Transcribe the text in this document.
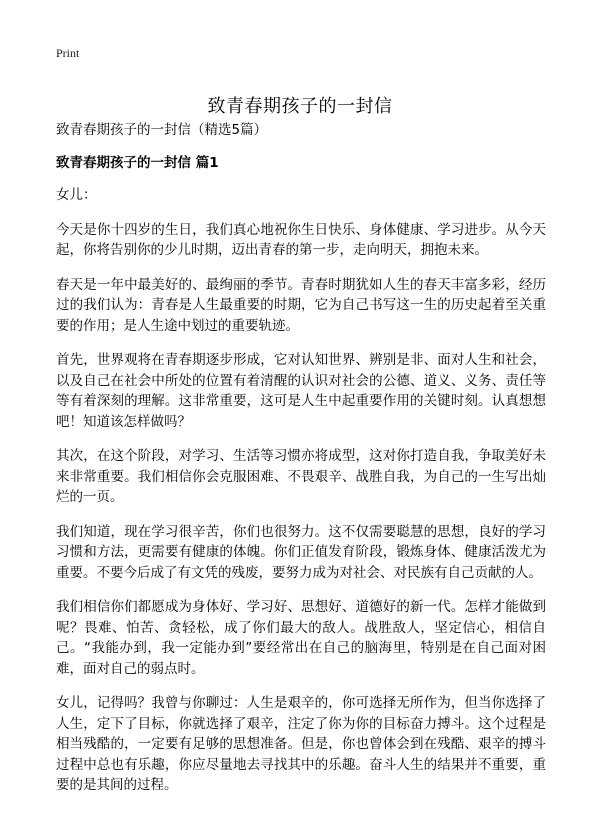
Print
致青春期孩子的一封信

致青春期孩子的一封信（精选5篇）

致青春期孩子的一封信 篇1

女儿：

今天是你十四岁的生日，我们真心地祝你生日快乐、身体健康、学习进步。从今天起，你将告别你的少儿时期，迈出青春的第一步，走向明天，拥抱未来。

春天是一年中最美好的、最绚丽的季节。青春时期犹如人生的春天丰富多彩，经历过的我们认为：青春是人生最重要的时期，它为自己书写这一生的历史起着至关重要的作用；是人生途中划过的重要轨迹。

首先，世界观将在青春期逐步形成，它对认知世界、辨别是非、面对人生和社会，以及自己在社会中所处的位置有着清醒的认识对社会的公德、道义、义务、责任等等有着深刻的理解。这非常重要，这可是人生中起重要作用的关键时刻。认真想想吧！知道该怎样做吗？

其次，在这个阶段，对学习、生活等习惯亦将成型，这对你打造自我，争取美好未来非常重要。我们相信你会克服困难、不畏艰辛、战胜自我，为自己的一生写出灿烂的一页。

我们知道，现在学习很辛苦，你们也很努力。这不仅需要聪慧的思想，良好的学习习惯和方法，更需要有健康的体魄。你们正值发育阶段，锻炼身体、健康活泼尤为重要。不要今后成了有文凭的残废，要努力成为对社会、对民族有自己贡献的人。

我们相信你们都愿成为身体好、学习好、思想好、道德好的新一代。怎样才能做到呢？畏难、怕苦、贪轻松，成了你们最大的敌人。战胜敌人，坚定信心，相信自己。“我能办到，我一定能办到”要经常出在自己的脑海里，特别是在自己面对困难，面对自己的弱点时。

女儿，记得吗？我曾与你聊过：人生是艰辛的，你可选择无所作为，但当你选择了人生，定下了目标，你就选择了艰辛，注定了你为你的目标奋力搏斗。这个过程是相当残酷的，一定要有足够的思想准备。但是，你也曾体会到在残酷、艰辛的搏斗过程中总也有乐趣，你应尽量地去寻找其中的乐趣。奋斗人生的结果并不重要，重要的是其间的过程。
